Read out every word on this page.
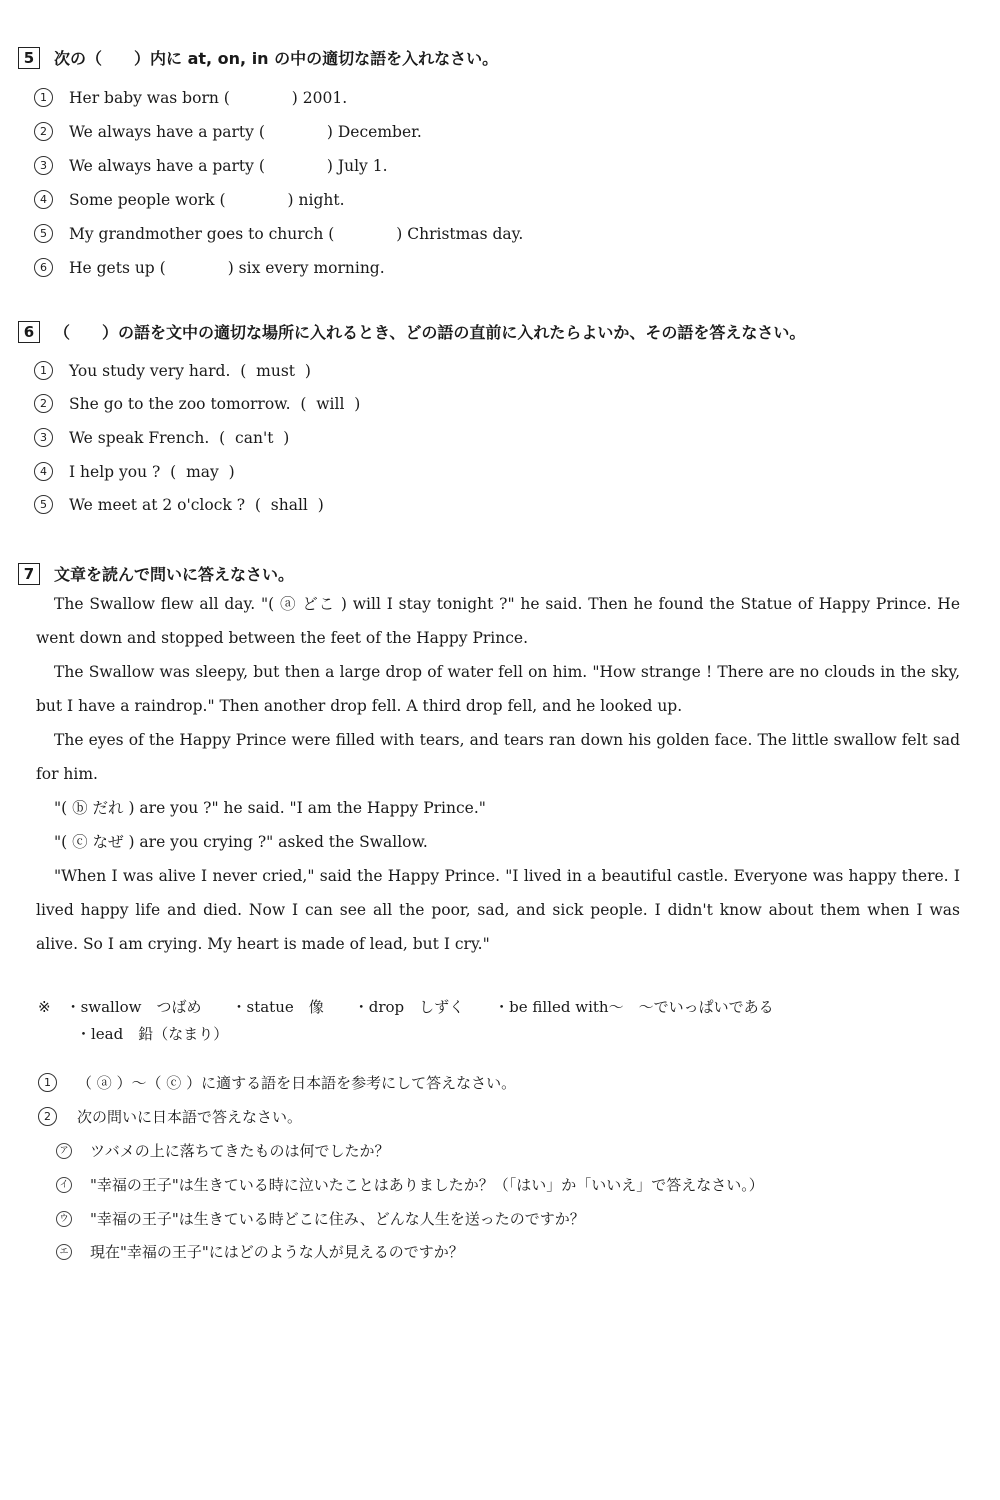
5	次の（　　）内に at, on, in の中の適切な語を入れなさい。
1	Her baby was born (　　　　) 2001.
2	We always have a party (　　　　) December.
3	We always have a party (　　　　) July 1.
4	Some people work (　　　　) night.
5	My grandmother goes to church (　　　　) Christmas day.
6	He gets up (　　　　) six every morning.
6	（　　）の語を文中の適切な場所に入れるとき、どの語の直前に入れたらよいか、その語を答えなさい。
1	You study very hard.  (  must  )
2	She go to the zoo tomorrow.  (  will  )
3	We speak French.  (  can't  )
4	I help you ?  (  may  )
5	We meet at 2 o'clock ?  (  shall  )
7	文章を読んで問いに答えなさい。

The Swallow flew all day. "( ⓐ どこ ) will I stay tonight ?" he said. Then he found the Statue of Happy Prince. He went down and stopped between the feet of the Happy Prince.

The Swallow was sleepy, but then a large drop of water fell on him. "How strange ! There are no clouds in the sky, but I have a raindrop." Then another drop fell. A third drop fell, and he looked up.

The eyes of the Happy Prince were filled with tears, and tears ran down his golden face. The little swallow felt sad for him.

"( ⓑ だれ ) are you ?" he said. "I am the Happy Prince."

"( ⓒ なぜ ) are you crying ?" asked the Swallow.

"When I was alive I never cried," said the Happy Prince. "I lived in a beautiful castle. Everyone was happy there. I lived happy life and died. Now I can see all the poor, sad, and sick people. I didn't know about them when I was alive. So I am crying. My heart is made of lead, but I cry."

※　・swallow　つばめ　　・statue　像　　・drop　しずく　　・be filled with～　～でいっぱいである
・lead　鉛（なまり）
1	（ ⓐ ）～（ ⓒ ）に適する語を日本語を参考にして答えなさい。
2	次の問いに日本語で答えなさい。
ア ツバメの上に落ちてきたものは何でしたか？
イ "幸福の王子"は生きている時に泣いたことはありましたか？（「はい」か「いいえ」で答えなさい。）
ウ "幸福の王子"は生きている時どこに住み、どんな人生を送ったのですか？
エ 現在"幸福の王子"にはどのような人が見えるのですか？
